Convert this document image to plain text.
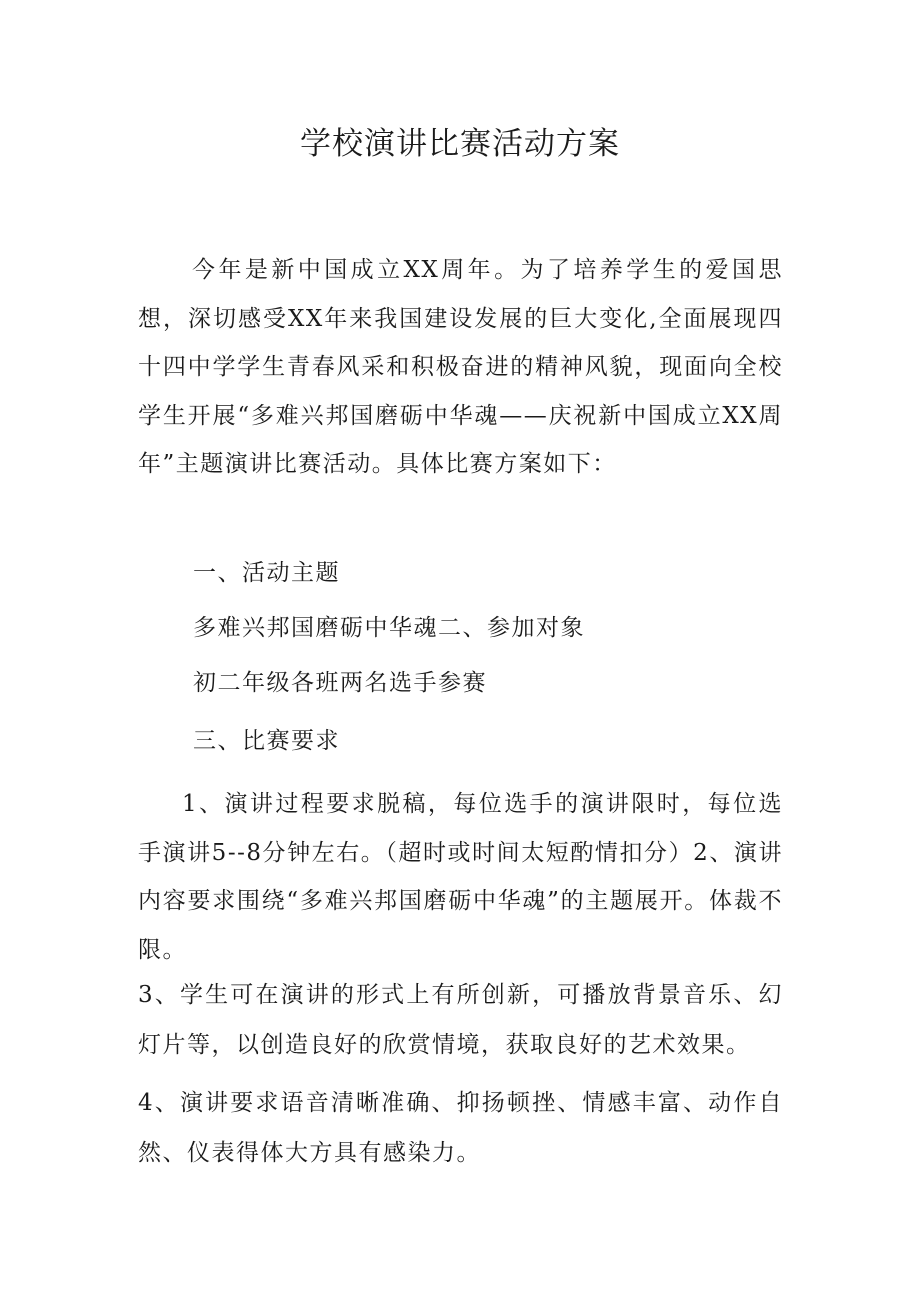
学校演讲比赛活动方案

今年是新中国成立XX周年。为了培养学生的爱国思想，深切感受XX年来我国建设发展的巨大变化,全面展现四十四中学学生青春风采和积极奋进的精神风貌，现面向全校学生开展“多难兴邦国磨砺中华魂——庆祝新中国成立XX周年”主题演讲比赛活动。具体比赛方案如下：

一、活动主题

多难兴邦国磨砺中华魂二、参加对象

初二年级各班两名选手参赛

三、比赛要求

1、演讲过程要求脱稿，每位选手的演讲限时，每位选手演讲5--8分钟左右。（超时或时间太短酌情扣分）2、演讲内容要求围绕“多难兴邦国磨砺中华魂”的主题展开。体裁不限。

3、学生可在演讲的形式上有所创新，可播放背景音乐、幻灯片等，以创造良好的欣赏情境，获取良好的艺术效果。

4、演讲要求语音清晰准确、抑扬顿挫、情感丰富、动作自然、仪表得体大方具有感染力。
